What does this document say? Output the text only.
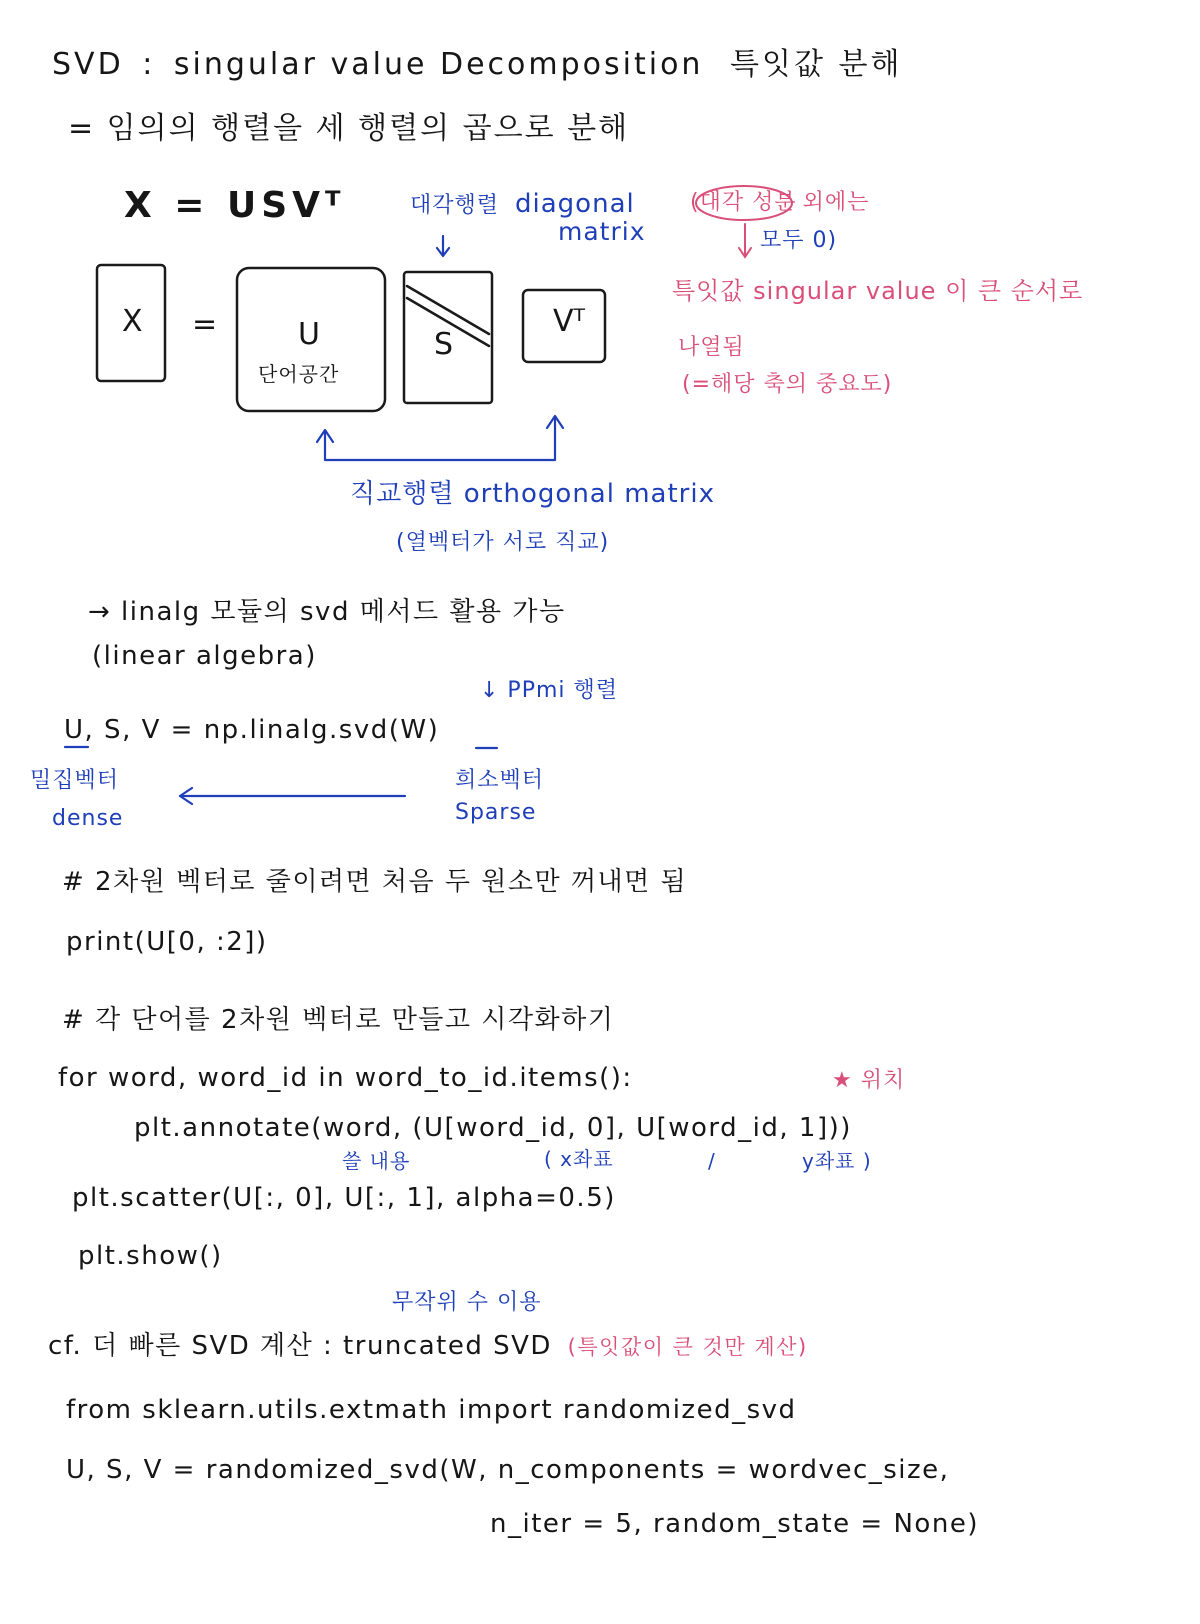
SVD : singular value Decomposition 특잇값 분해
= 임의의 행렬을 세 행렬의 곱으로 분해
X = USVᵀ	대각행렬 diagonal
matrix
(대각 성분 외에는
모두 0)
X =	U
단어공간
S
Vᵀ
특잇값 singular value 이 큰 순서로
나열됨
(=해당 축의 중요도)
직교행렬 orthogonal matrix
(열벡터가 서로 직교)
→ linalg 모듈의 svd 메서드 활용 가능
(linear algebra)
↓ PPmi 행렬
U, S, V = np.linalg.svd(W)
밀집벡터
dense
희소벡터
Sparse
# 2차원 벡터로 줄이려면 처음 두 원소만 꺼내면 됨
print(U[0, :2])
# 각 단어를 2차원 벡터로 만들고 시각화하기
for word, word_id in word_to_id.items():	★ 위치
plt.annotate(word, (U[word_id, 0], U[word_id, 1]))
쓸 내용	( x좌표	/	y좌표 )
plt.scatter(U[:, 0], U[:, 1], alpha=0.5)
plt.show()
무작위 수 이용
cf. 더 빠른 SVD 계산 : truncated SVD (특잇값이 큰 것만 계산)
from sklearn.utils.extmath import randomized_svd
U, S, V = randomized_svd(W, n_components = wordvec_size,
n_iter = 5, random_state = None)
